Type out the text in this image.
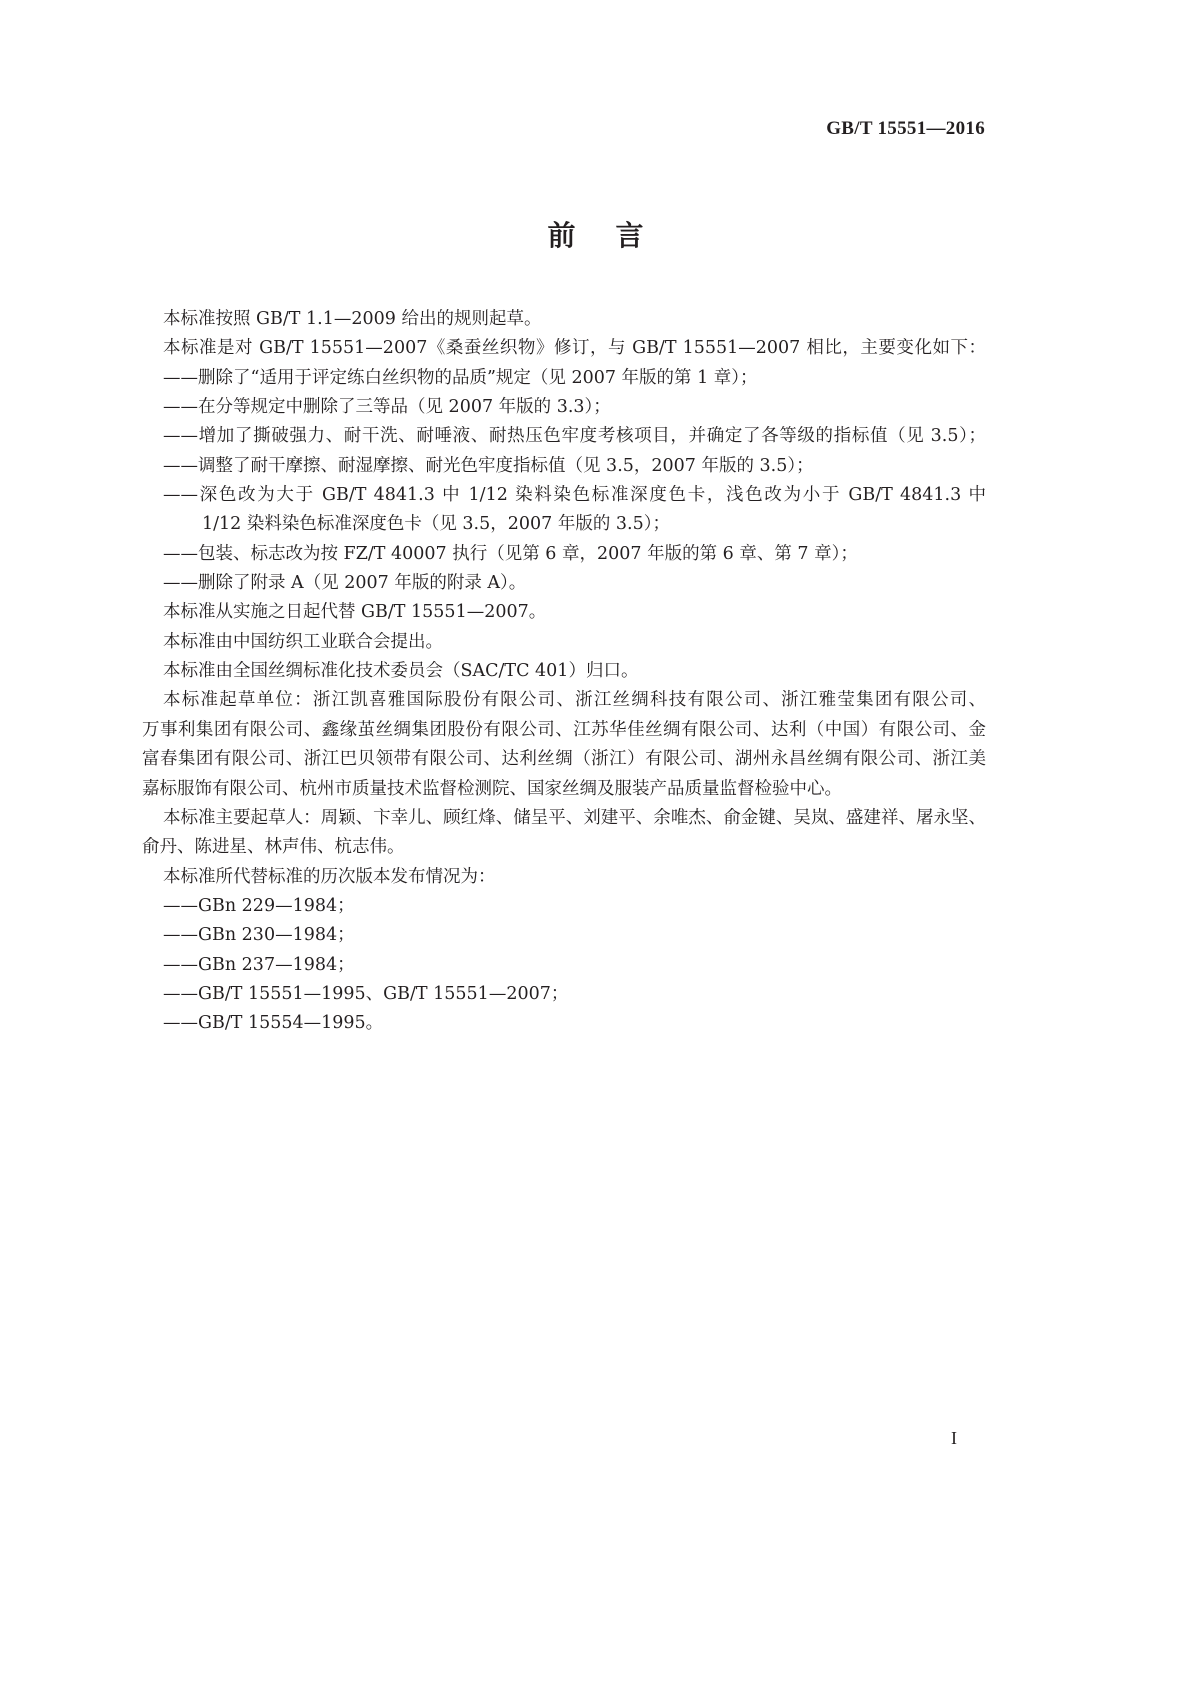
GB/T 15551—2016
前言
本标准按照 GB/T 1.1—2009 给出的规则起草。
本标准是对 GB/T 15551—2007《桑蚕丝织物》修订，与 GB/T 15551—2007 相比，主要变化如下：
——删除了“适用于评定练白丝织物的品质”规定（见 2007 年版的第 1 章）；
——在分等规定中删除了三等品（见 2007 年版的 3.3）；
——增加了撕破强力、耐干洗、耐唾液、耐热压色牢度考核项目，并确定了各等级的指标值（见 3.5）；
——调整了耐干摩擦、耐湿摩擦、耐光色牢度指标值（见 3.5，2007 年版的 3.5）；
——深色改为大于 GB/T 4841.3 中 1/12 染料染色标准深度色卡，浅色改为小于 GB/T 4841.3 中
1/12 染料染色标准深度色卡（见 3.5，2007 年版的 3.5）；
——包装、标志改为按 FZ/T 40007 执行（见第 6 章，2007 年版的第 6 章、第 7 章）；
——删除了附录 A（见 2007 年版的附录 A）。
本标准从实施之日起代替 GB/T 15551—2007。
本标准由中国纺织工业联合会提出。
本标准由全国丝绸标准化技术委员会（SAC/TC 401）归口。
本标准起草单位：浙江凯喜雅国际股份有限公司、浙江丝绸科技有限公司、浙江雅莹集团有限公司、
万事利集团有限公司、鑫缘茧丝绸集团股份有限公司、江苏华佳丝绸有限公司、达利（中国）有限公司、金
富春集团有限公司、浙江巴贝领带有限公司、达利丝绸（浙江）有限公司、湖州永昌丝绸有限公司、浙江美
嘉标服饰有限公司、杭州市质量技术监督检测院、国家丝绸及服装产品质量监督检验中心。
本标准主要起草人：周颖、卞幸儿、顾红烽、储呈平、刘建平、余唯杰、俞金键、吴岚、盛建祥、屠永坚、
俞丹、陈进星、林声伟、杭志伟。
本标准所代替标准的历次版本发布情况为：
——GBn 229—1984；
——GBn 230—1984；
——GBn 237—1984；
——GB/T 15551—1995、GB/T 15551—2007；
——GB/T 15554—1995。
I
